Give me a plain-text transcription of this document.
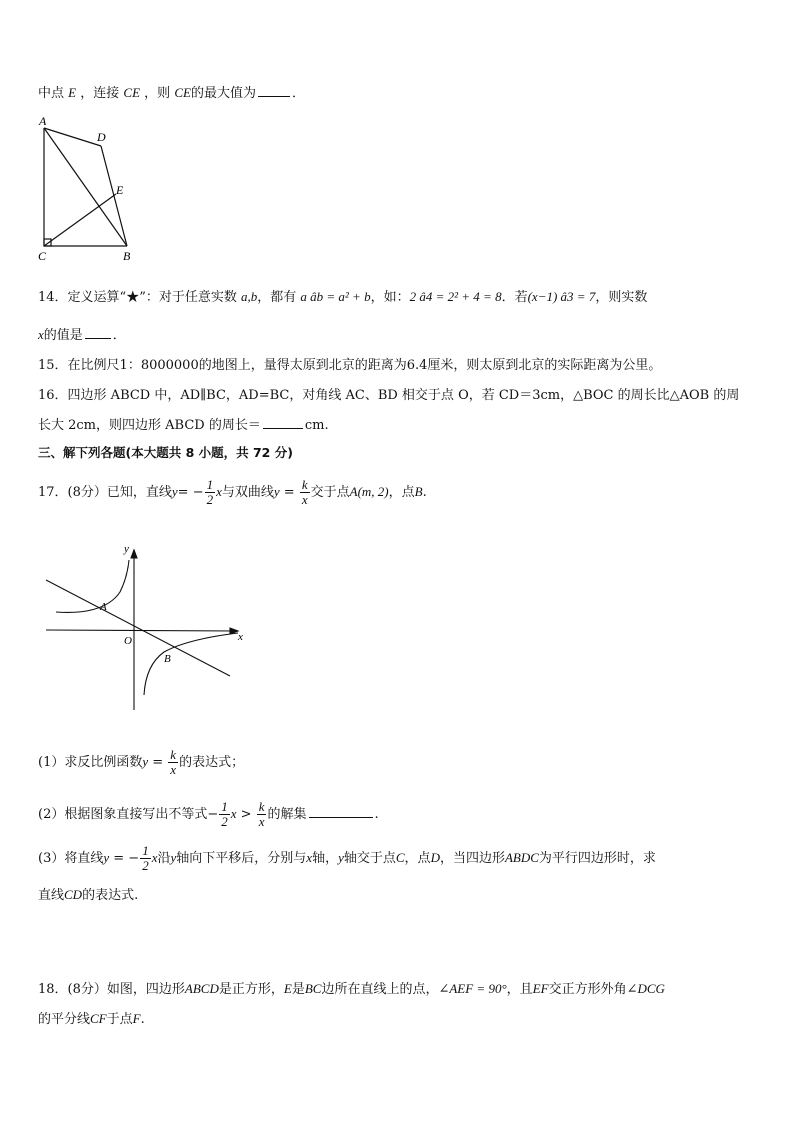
中点 E ，连接 CE ，则 CE的最大值为	．
A
D
E
C	B
14．定义运算“★”：对于任意实数 a,b，都有 a âb = a² + b，如：2 â4 = 2² + 4 = 8．若(x−1) â3 = 7，则实数
x的值是 ．
15．在比例尺1：8000000的地图上，量得太原到北京的距离为6.4厘米，则太原到北京的实际距离为公里。
16．四边形 ABCD 中，AD∥BC，AD=BC，对角线 AC、BD 相交于点 O，若 CD＝3cm，△BOC 的周长比△AOB 的周
长大 2cm，则四边形 ABCD 的周长＝	cm.
三、解下列各题(本大题共 8 小题，共 72 分)
17．(8分）已知，直线$y= - \frac{1}{2}$ x与双曲线$y = \frac{k}{x}$ 交于点A(m, 2)，点B.
y
x
O
A
B
(1）求反比例函数$y = \frac{k}{x}$ 的表达式；
(2）根据图象直接写出不等式− $\frac{1}{2}$ $x > \frac{k}{x}$ 的解集	.
(3）将直线y = − $\frac{1}{2}$ x沿y轴向下平移后，分别与x轴，y轴交于点C，点D，当四边形ABDC为平行四边形时，求
直线CD的表达式.
18．(8分）如图，四边形ABCD是正方形，E是BC边所在直线上的点，∠AEF = 90°，且EF交正方形外角∠DCG
的平分线CF于点F.
